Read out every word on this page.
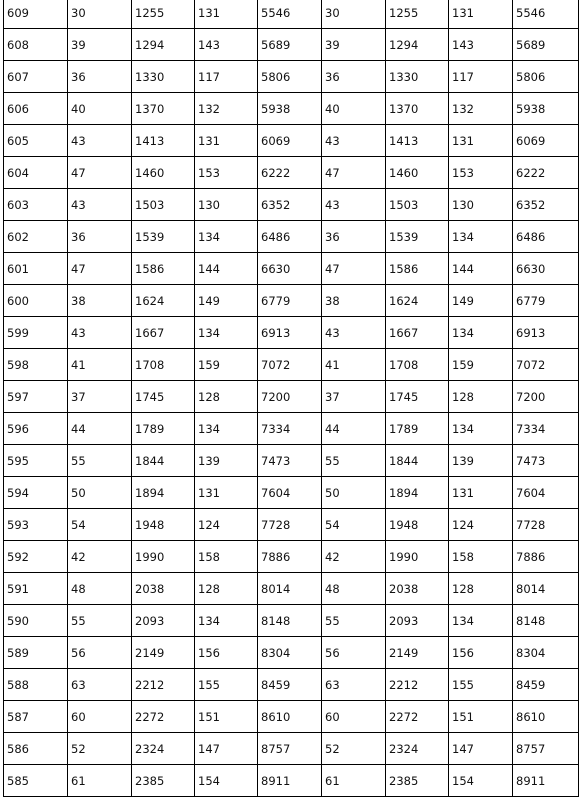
609	30	1255	131	5546	30	1255	131	5546
608	39	1294	143	5689	39	1294	143	5689
607	36	1330	117	5806	36	1330	117	5806
606	40	1370	132	5938	40	1370	132	5938
605	43	1413	131	6069	43	1413	131	6069
604	47	1460	153	6222	47	1460	153	6222
603	43	1503	130	6352	43	1503	130	6352
602	36	1539	134	6486	36	1539	134	6486
601	47	1586	144	6630	47	1586	144	6630
600	38	1624	149	6779	38	1624	149	6779
599	43	1667	134	6913	43	1667	134	6913
598	41	1708	159	7072	41	1708	159	7072
597	37	1745	128	7200	37	1745	128	7200
596	44	1789	134	7334	44	1789	134	7334
595	55	1844	139	7473	55	1844	139	7473
594	50	1894	131	7604	50	1894	131	7604
593	54	1948	124	7728	54	1948	124	7728
592	42	1990	158	7886	42	1990	158	7886
591	48	2038	128	8014	48	2038	128	8014
590	55	2093	134	8148	55	2093	134	8148
589	56	2149	156	8304	56	2149	156	8304
588	63	2212	155	8459	63	2212	155	8459
587	60	2272	151	8610	60	2272	151	8610
586	52	2324	147	8757	52	2324	147	8757
585	61	2385	154	8911	61	2385	154	8911
